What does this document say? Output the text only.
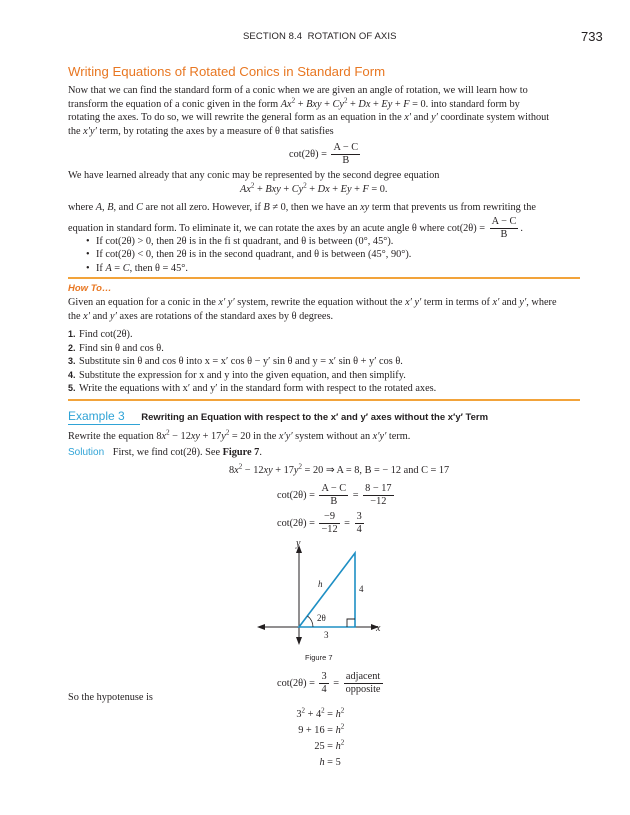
SECTION 8.4 ROTATION OF AXIS	733
Writing Equations of Rotated Conics in Standard Form

Now that we can find the standard form of a conic when we are given an angle of rotation, we will learn how to

transform the equation of a conic given in the form $Ax^2$ + Bxy + $Cy^2 + Dx + Ey + F = 0$. into standard form by

rotating the axes. To do so, we will rewrite the general form as an equation in the x′ and y′ coordinate system without

the x′y′ term, by rotating the axes by a measure of θ that satisfies

$\cot(2\theta) = \frac{A - C}{B}$

We have learned already that any conic may be represented by the second degree equation

$Ax^2$ + Bxy + $Cy^2 + Dx + Ey + F = 0$.

where A, B, and C are not all zero. However, if B ≠ 0, then we have an xy term that prevents us from rewriting the

equation in standard form. To eliminate it, we can rotate the axes by an acute angle θ where $\cot(2\theta) = \frac{A - C}{B}$ .

• If cot(2θ) > 0, then 2θ is in the fi st quadrant, and θ is between (0°, 45°).
• If cot(2θ) < 0, then 2θ is in the second quadrant, and θ is between (45°, 90°).
• If A = C, then θ = 45°.
How To…

Given an equation for a conic in the x′ y′ system, rewrite the equation without the x′ y′ term in terms of x′ and y′, where

the x′ and y′ axes are rotations of the standard axes by θ degrees.

1. Find cot(2θ).
2. Find sin θ and cos θ.
3. Substitute sin θ and cos θ into x = x′ cos θ − y′ sin θ and y = x′ sin θ + y′ cos θ.
4. Substitute the expression for x and y into the given equation, and then simplify.
5. Write the equations with x′ and y′ in the standard form with respect to the rotated axes.
Example 3 Rewriting an Equation with respect to the x′ and y′ axes without the x′y′ Term

Rewrite the equation $8x^2 - 12xy + 17y^2 = 20$ in the x′y′ system without an x′y′ term.

Solution First, we find cot(2θ). See Figure 7.
$8x^2 - 12xy + 17y^2 = 20$ ⇒ A = 8, B = − 12 and C = 17
$\cot(2\theta) = \frac{A - C}{B} = \frac{8 - 17}{-12}$
$\cot(2\theta) = \frac{-9}{-12} = \frac{3}{4}$
y
x
h	4
3
2θ
Figure 7
$\cot(2\theta) = \frac{3}{4} = \frac{\text{adjacent}}{\text{opposite}}$
So the hypotenuse is
$3^2 + 4^2 = h^2$
$9 + 16 = h^2$
$25 = h^2$
h = 5
